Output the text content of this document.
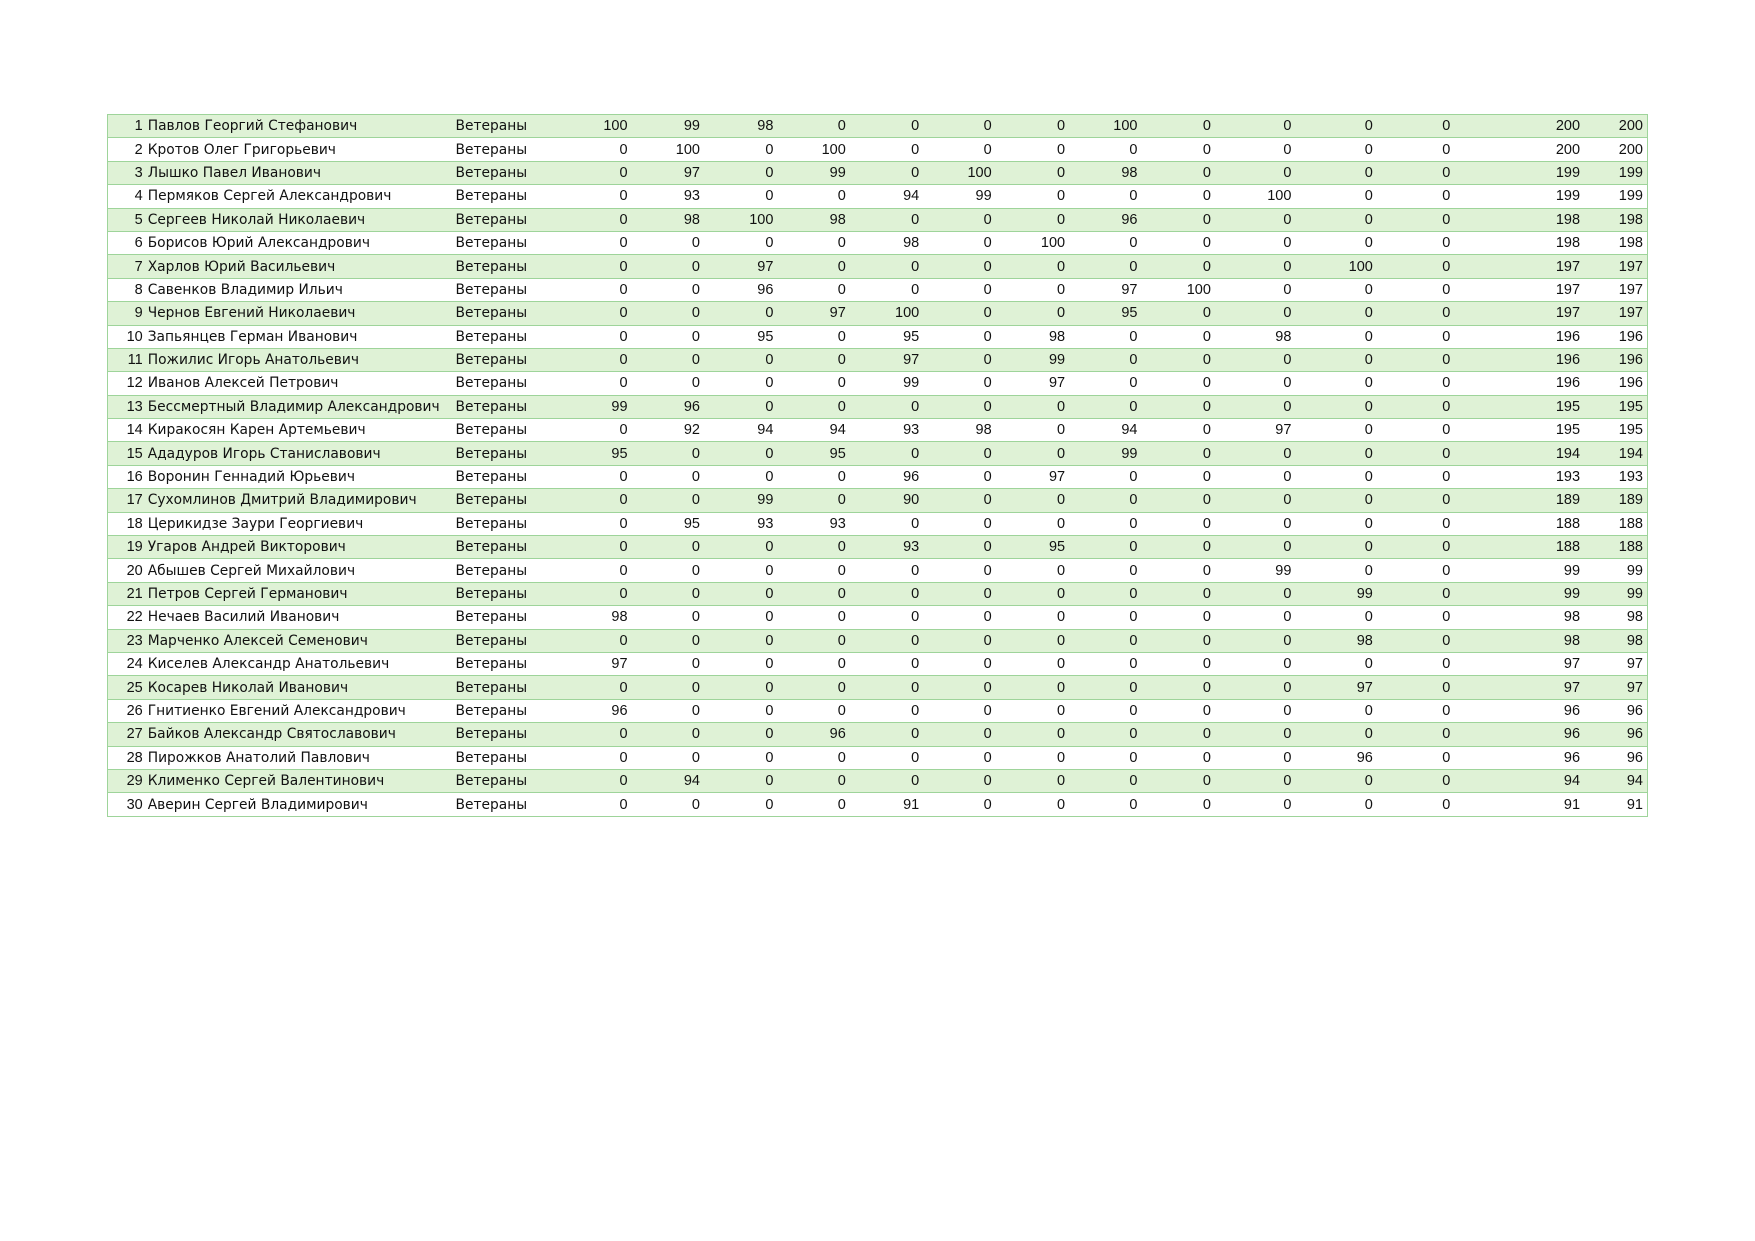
1	Павлов Георгий Стефанович	Ветераны	100	99	98	0	0	0	0	100	0	0	0	0	200	200
2	Кротов Олег Григорьевич	Ветераны	0	100	0	100	0	0	0	0	0	0	0	0	200	200
3	Лышко Павел Иванович	Ветераны	0	97	0	99	0	100	0	98	0	0	0	0	199	199
4	Пермяков Сергей Александрович	Ветераны	0	93	0	0	94	99	0	0	0	100	0	0	199	199
5	Сергеев Николай Николаевич	Ветераны	0	98	100	98	0	0	0	96	0	0	0	0	198	198
6	Борисов Юрий Александрович	Ветераны	0	0	0	0	98	0	100	0	0	0	0	0	198	198
7	Харлов Юрий Васильевич	Ветераны	0	0	97	0	0	0	0	0	0	0	100	0	197	197
8	Савенков Владимир Ильич	Ветераны	0	0	96	0	0	0	0	97	100	0	0	0	197	197
9	Чернов Евгений Николаевич	Ветераны	0	0	0	97	100	0	0	95	0	0	0	0	197	197
10	Запьянцев Герман Иванович	Ветераны	0	0	95	0	95	0	98	0	0	98	0	0	196	196
11	Пожилис Игорь Анатольевич	Ветераны	0	0	0	0	97	0	99	0	0	0	0	0	196	196
12	Иванов Алексей Петрович	Ветераны	0	0	0	0	99	0	97	0	0	0	0	0	196	196
13	Бессмертный Владимир Александрович	Ветераны	99	96	0	0	0	0	0	0	0	0	0	0	195	195
14	Киракосян Карен Артемьевич	Ветераны	0	92	94	94	93	98	0	94	0	97	0	0	195	195
15	Ададуров Игорь Станиславович	Ветераны	95	0	0	95	0	0	0	99	0	0	0	0	194	194
16	Воронин Геннадий Юрьевич	Ветераны	0	0	0	0	96	0	97	0	0	0	0	0	193	193
17	Сухомлинов Дмитрий Владимирович	Ветераны	0	0	99	0	90	0	0	0	0	0	0	0	189	189
18	Церикидзе Заури Георгиевич	Ветераны	0	95	93	93	0	0	0	0	0	0	0	0	188	188
19	Угаров Андрей Викторович	Ветераны	0	0	0	0	93	0	95	0	0	0	0	0	188	188
20	Абышев Сергей Михайлович	Ветераны	0	0	0	0	0	0	0	0	0	99	0	0	99	99
21	Петров Сергей Германович	Ветераны	0	0	0	0	0	0	0	0	0	0	99	0	99	99
22	Нечаев Василий Иванович	Ветераны	98	0	0	0	0	0	0	0	0	0	0	0	98	98
23	Марченко Алексей Семенович	Ветераны	0	0	0	0	0	0	0	0	0	0	98	0	98	98
24	Киселев Александр Анатольевич	Ветераны	97	0	0	0	0	0	0	0	0	0	0	0	97	97
25	Косарев Николай Иванович	Ветераны	0	0	0	0	0	0	0	0	0	0	97	0	97	97
26	Гнитиенко Евгений Александрович	Ветераны	96	0	0	0	0	0	0	0	0	0	0	0	96	96
27	Байков Александр Святославович	Ветераны	0	0	0	96	0	0	0	0	0	0	0	0	96	96
28	Пирожков Анатолий Павлович	Ветераны	0	0	0	0	0	0	0	0	0	0	96	0	96	96
29	Клименко Сергей Валентинович	Ветераны	0	94	0	0	0	0	0	0	0	0	0	0	94	94
30	Аверин Сергей Владимирович	Ветераны	0	0	0	0	91	0	0	0	0	0	0	0	91	91
